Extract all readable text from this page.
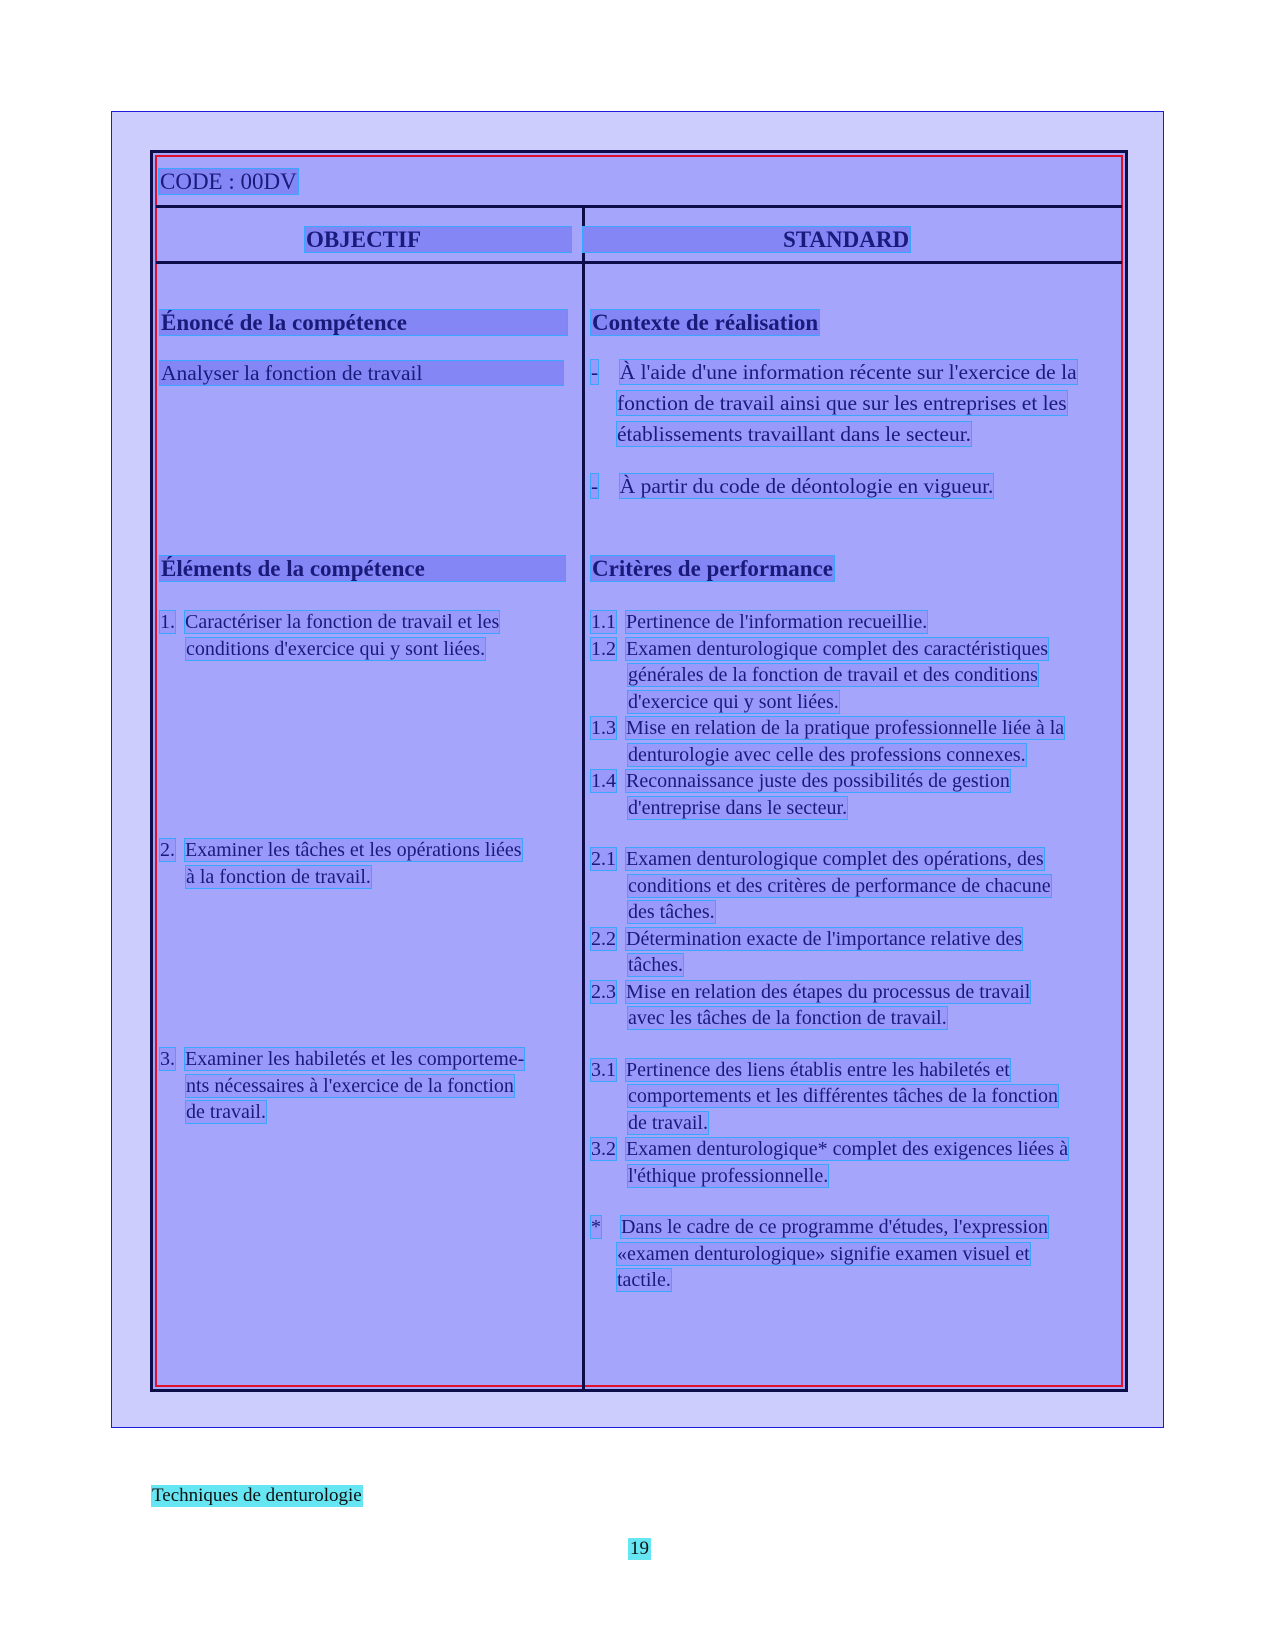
CODE : 00DV
OBJECTIF	STANDARD
Énoncé de la compétence
Analyser la fonction de travail
Éléments de la compétence
1. Caractériser la fonction de travail et les
conditions d'exercice qui y sont liées.
2. Examiner les tâches et les opérations liées
à la fonction de travail.
3. Examiner les habiletés et les comporteme-
nts nécessaires à l'exercice de la fonction
de travail.
Contexte de réalisation
- À l'aide d'une information récente sur l'exercice de la
fonction de travail ainsi que sur les entreprises et les
établissements travaillant dans le secteur.
- À partir du code de déontologie en vigueur.
Critères de performance
1.1 Pertinence de l'information recueillie.
1.2 Examen denturologique complet des caractéristiques
générales de la fonction de travail et des conditions
d'exercice qui y sont liées.
1.3 Mise en relation de la pratique professionnelle liée à la
denturologie avec celle des professions connexes.
1.4 Reconnaissance juste des possibilités de gestion
d'entreprise dans le secteur.
2.1 Examen denturologique complet des opérations, des
conditions et des critères de performance de chacune
des tâches.
2.2 Détermination exacte de l'importance relative des
tâches.
2.3 Mise en relation des étapes du processus de travail
avec les tâches de la fonction de travail.
3.1 Pertinence des liens établis entre les habiletés et
comportements et les différentes tâches de la fonction
de travail.
3.2 Examen denturologique* complet des exigences liées à
l'éthique professionnelle.
* Dans le cadre de ce programme d'études, l'expression
«examen denturologique» signifie examen visuel et
tactile.
Techniques de denturologie
19
